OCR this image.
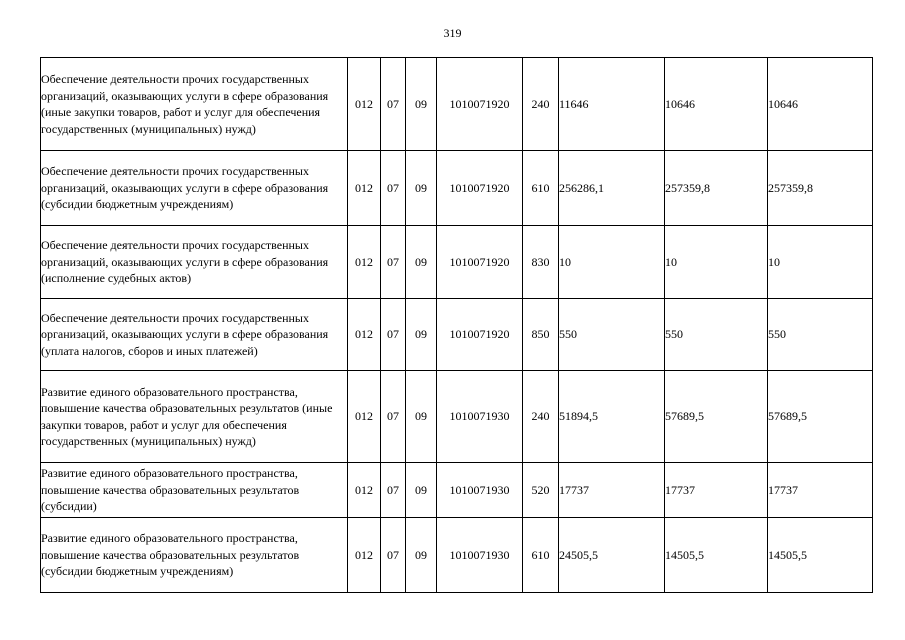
319
Обеспечение деятельности прочих государственных организаций, оказывающих услуги в сфере образования (иные закупки товаров, работ и услуг для обеспечения государственных (муниципальных) нужд)	012	07	09	1010071920	240	11646	10646	10646
Обеспечение деятельности прочих государственных организаций, оказывающих услуги в сфере образования (субсидии бюджетным учреждениям)	012	07	09	1010071920	610	256286,1	257359,8	257359,8
Обеспечение деятельности прочих государственных организаций, оказывающих услуги в сфере образования (исполнение судебных актов)	012	07	09	1010071920	830	10	10	10
Обеспечение деятельности прочих государственных организаций, оказывающих услуги в сфере образования (уплата налогов, сборов и иных платежей)	012	07	09	1010071920	850	550	550	550
Развитие единого образовательного пространства, повышение качества образовательных результатов (иные закупки товаров, работ и услуг для обеспечения государственных (муниципальных) нужд)	012	07	09	1010071930	240	51894,5	57689,5	57689,5
Развитие единого образовательного пространства, повышение качества образовательных результатов (субсидии)	012	07	09	1010071930	520	17737	17737	17737
Развитие единого образовательного пространства, повышение качества образовательных результатов (субсидии бюджетным учреждениям)	012	07	09	1010071930	610	24505,5	14505,5	14505,5
